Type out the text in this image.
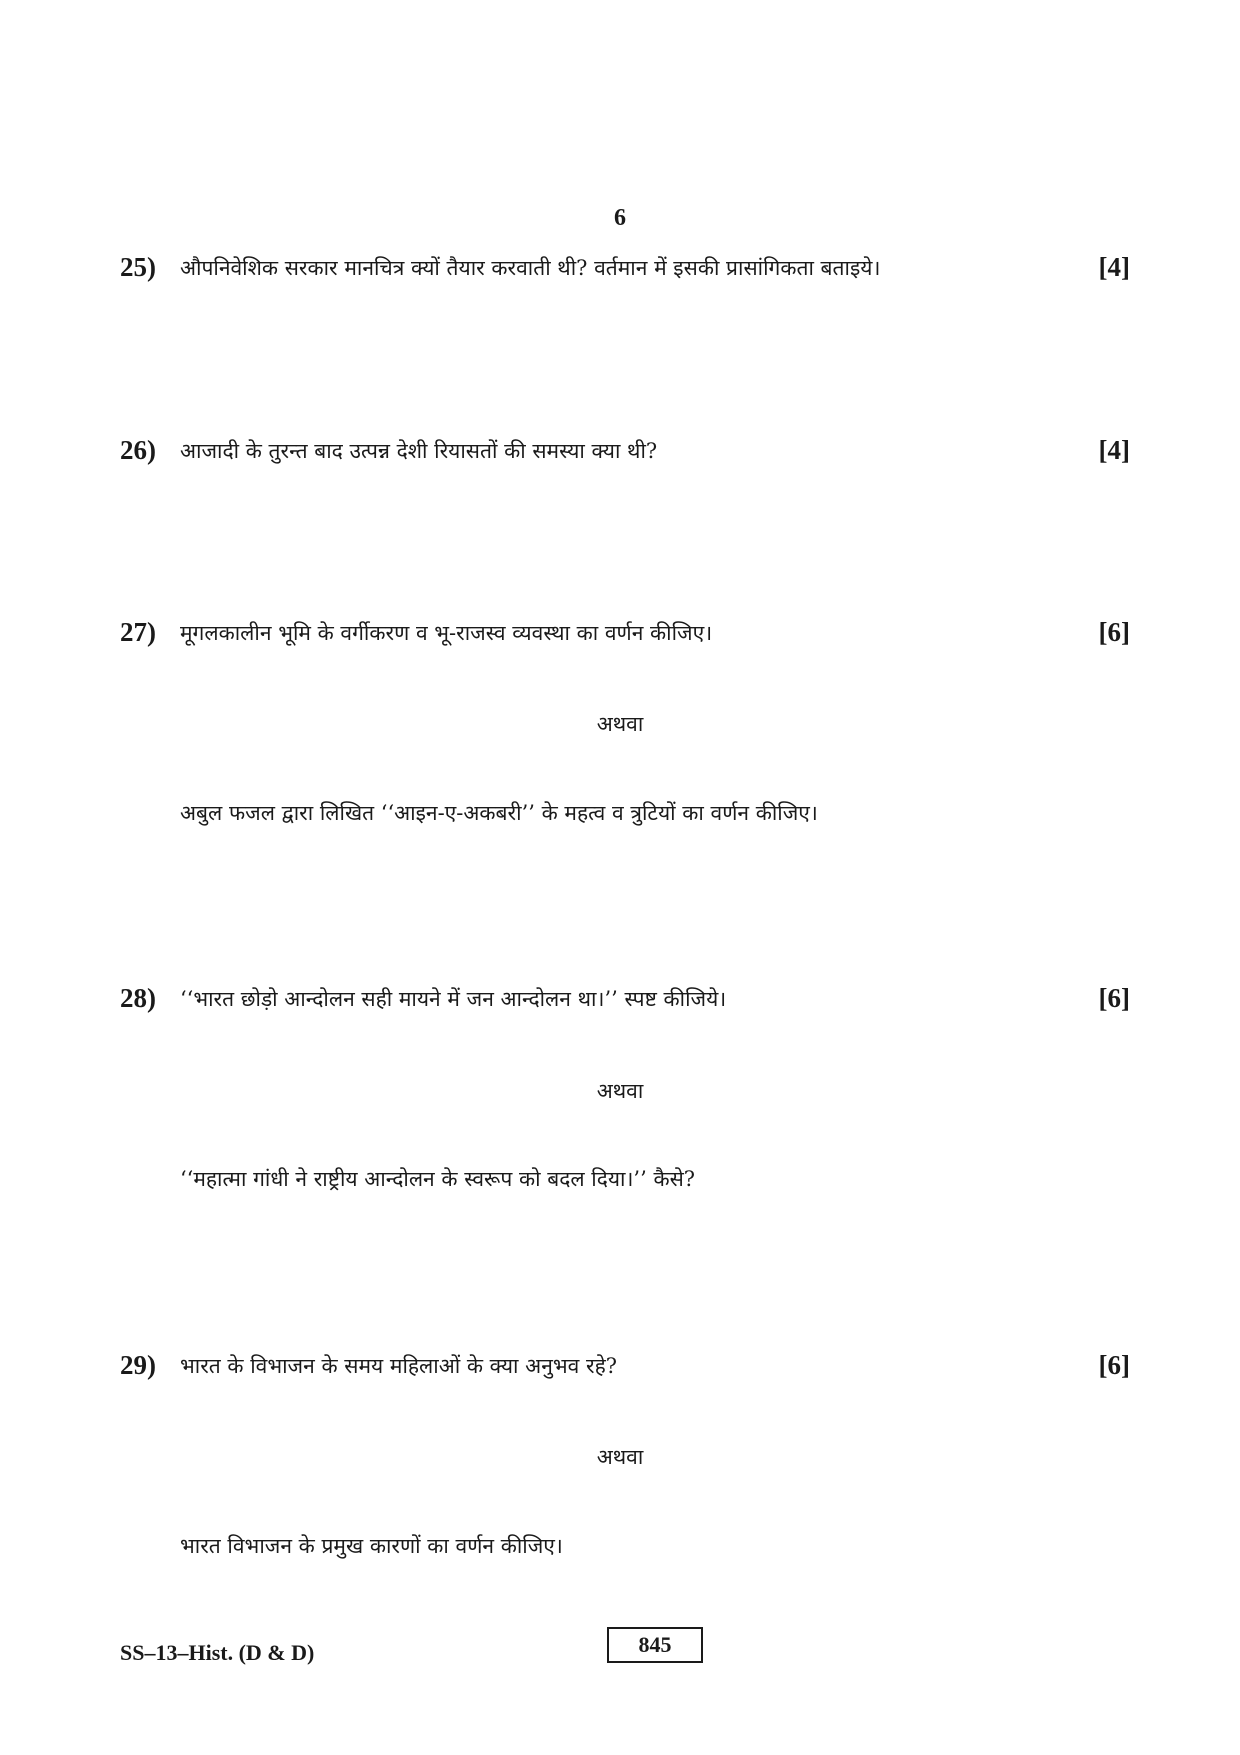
6
25) औपनिवेशिक सरकार मानचित्र क्यों तैयार करवाती थी? वर्तमान में इसकी प्रासांगिकता बताइये।	[4]
26) आजादी के तुरन्त बाद उत्पन्न देशी रियासतों की समस्या क्या थी?	[4]
27) मूगलकालीन भूमि के वर्गीकरण व भू-राजस्व व्यवस्था का वर्णन कीजिए।	[6]
अथवा
अबुल फजल द्वारा लिखित ‘‘आइन-ए-अकबरी’’ के महत्व व त्रुटियों का वर्णन कीजिए।
28) ‘‘भारत छोड़ो आन्दोलन सही मायने में जन आन्दोलन था।’’ स्पष्ट कीजिये।	[6]
अथवा
‘‘महात्मा गांधी ने राष्ट्रीय आन्दोलन के स्वरूप को बदल दिया।’’ कैसे?
29) भारत के विभाजन के समय महिलाओं के क्या अनुभव रहे?	[6]
अथवा
भारत विभाजन के प्रमुख कारणों का वर्णन कीजिए।
SS–13–Hist. (D & D)	845
